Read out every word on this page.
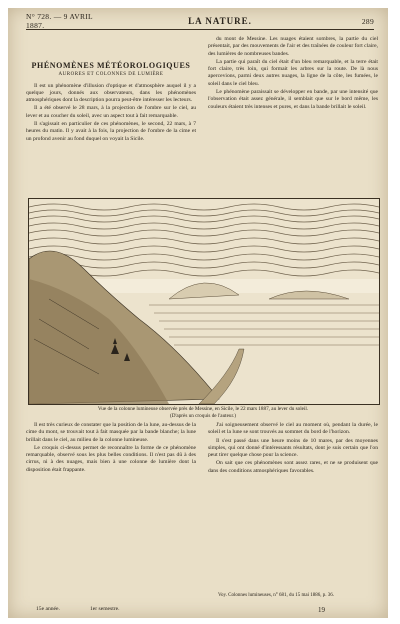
N° 728. — 9 AVRIL 1887.	LA NATURE.	289
PHÉNOMÈNES MÉTÉOROLOGIQUES
AURORES ET COLONNES DE LUMIÈRE

Il est un phénomène d'illusion d'optique et d'atmosphère auquel il y a quelque jours, donnés aux observateurs, dans les phénomènes atmosphériques dont la description pourra peut-être intéresser les lecteurs.

Il a été observé le 28 mars, à la projection de l'ombre sur le ciel, au lever et au coucher du soleil, avec un aspect tout à fait remarquable.

Il s'agissait en particulier de ces phénomènes, le second, 22 mars, à 7 heures du matin. Il y avait à la fois, la projection de l'ombre de la cime et un profond avenir au fond duquel on voyait la Sicile.

du mont de Messine. Les nuages étaient sombres, la partie du ciel présentait, par des mouvements de l'air et des traînées de couleur fort claire, des lumières de nombreuses bandes.

La partie qui paraît du ciel était d'un bleu remarquable, et la terre était fort claire, très loin, qui formait les arbres sur la route. De là nous apercevions, parmi deux autres nuages, la ligne de la côte, les fumées, le soleil dans le ciel bleu.

Le phénomène paraissait se développer en bande, par une intensité que l'observation était assez générale, il semblait que sur le bord même, les couleurs étaient très intenses et pures, et dans la bande brillait le soleil.

Vue de la colonne lumineuse observée près de Messine, en Sicile, le 22 mars 1887, au lever du soleil.
(D'après un croquis de l'auteur.)

Il est très curieux de constater que la position de la lune, au-dessus de la cime du mont, se trouvait tout à fait masquée par la bande blanche; la lune brillait dans le ciel, au milieu de la colonne lumineuse.

Le croquis ci-dessus permet de reconnaître la forme de ce phénomène remarquable, observé sous les plus belles conditions. Il n'est pas dû à des cirrus, ni à des nuages, mais bien à une colonne de lumière dont la disposition était frappante.

J'ai soigneusement observé le ciel au moment où, pendant la durée, le soleil et la lune se sont trouvés au sommet du bord de l'horizon.

Il s'est passé dans une heure moins de 10 mares, par des moyennes simples, qui ont donné d'intéressants résultats, dont je suis certain que l'on peut tirer quelque chose pour la science.

On sait que ces phénomènes sont assez rares, et ne se produisent que dans des conditions atmosphériques favorables.

Voy. Colonnes lumineuses, n° 681, du 15 mai 1886, p. 36.
15e année.	1er semestre.	19
